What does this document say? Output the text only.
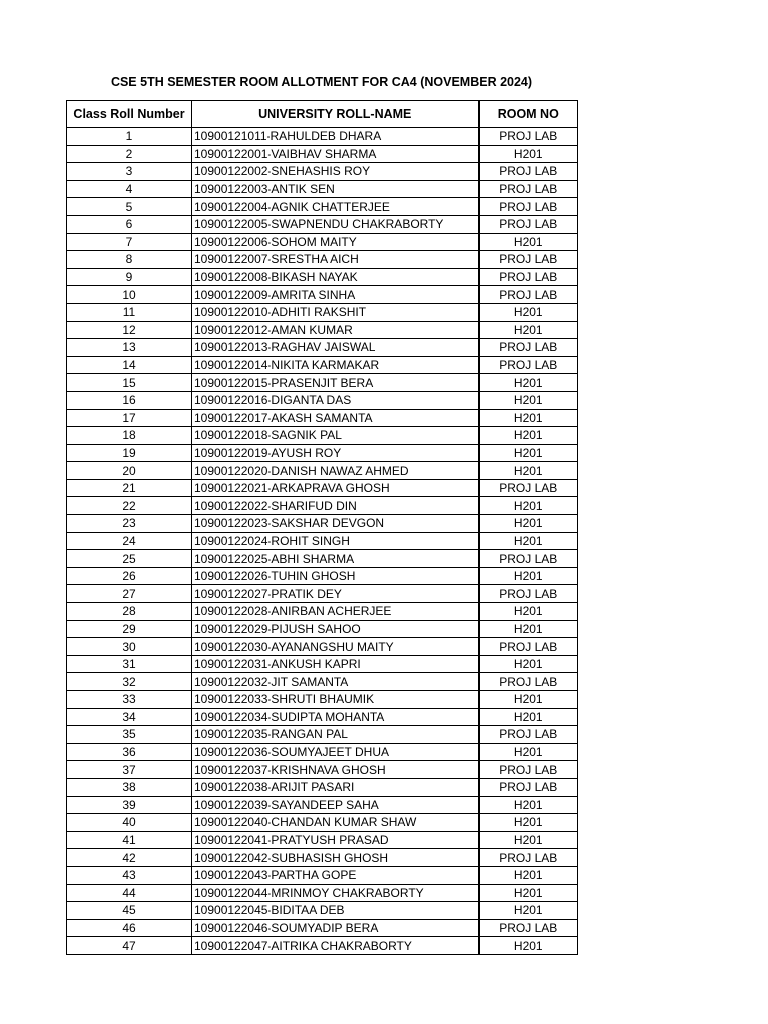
CSE 5TH SEMESTER ROOM ALLOTMENT FOR CA4 (NOVEMBER 2024)
Class Roll Number	UNIVERSITY ROLL-NAME	ROOM NO
1	10900121011-RAHULDEB DHARA	PROJ LAB
2	10900122001-VAIBHAV SHARMA	H201
3	10900122002-SNEHASHIS ROY	PROJ LAB
4	10900122003-ANTIK SEN	PROJ LAB
5	10900122004-AGNIK CHATTERJEE	PROJ LAB
6	10900122005-SWAPNENDU CHAKRABORTY	PROJ LAB
7	10900122006-SOHOM MAITY	H201
8	10900122007-SRESTHA AICH	PROJ LAB
9	10900122008-BIKASH NAYAK	PROJ LAB
10	10900122009-AMRITA SINHA	PROJ LAB
11	10900122010-ADHITI RAKSHIT	H201
12	10900122012-AMAN KUMAR	H201
13	10900122013-RAGHAV JAISWAL	PROJ LAB
14	10900122014-NIKITA KARMAKAR	PROJ LAB
15	10900122015-PRASENJIT BERA	H201
16	10900122016-DIGANTA DAS	H201
17	10900122017-AKASH SAMANTA	H201
18	10900122018-SAGNIK PAL	H201
19	10900122019-AYUSH ROY	H201
20	10900122020-DANISH NAWAZ AHMED	H201
21	10900122021-ARKAPRAVA GHOSH	PROJ LAB
22	10900122022-SHARIFUD DIN	H201
23	10900122023-SAKSHAR DEVGON	H201
24	10900122024-ROHIT SINGH	H201
25	10900122025-ABHI SHARMA	PROJ LAB
26	10900122026-TUHIN GHOSH	H201
27	10900122027-PRATIK DEY	PROJ LAB
28	10900122028-ANIRBAN ACHERJEE	H201
29	10900122029-PIJUSH SAHOO	H201
30	10900122030-AYANANGSHU MAITY	PROJ LAB
31	10900122031-ANKUSH KAPRI	H201
32	10900122032-JIT SAMANTA	PROJ LAB
33	10900122033-SHRUTI BHAUMIK	H201
34	10900122034-SUDIPTA MOHANTA	H201
35	10900122035-RANGAN PAL	PROJ LAB
36	10900122036-SOUMYAJEET DHUA	H201
37	10900122037-KRISHNAVA GHOSH	PROJ LAB
38	10900122038-ARIJIT PASARI	PROJ LAB
39	10900122039-SAYANDEEP SAHA	H201
40	10900122040-CHANDAN KUMAR SHAW	H201
41	10900122041-PRATYUSH PRASAD	H201
42	10900122042-SUBHASISH GHOSH	PROJ LAB
43	10900122043-PARTHA GOPE	H201
44	10900122044-MRINMOY CHAKRABORTY	H201
45	10900122045-BIDITAA DEB	H201
46	10900122046-SOUMYADIP BERA	PROJ LAB
47	10900122047-AITRIKA CHAKRABORTY	H201
